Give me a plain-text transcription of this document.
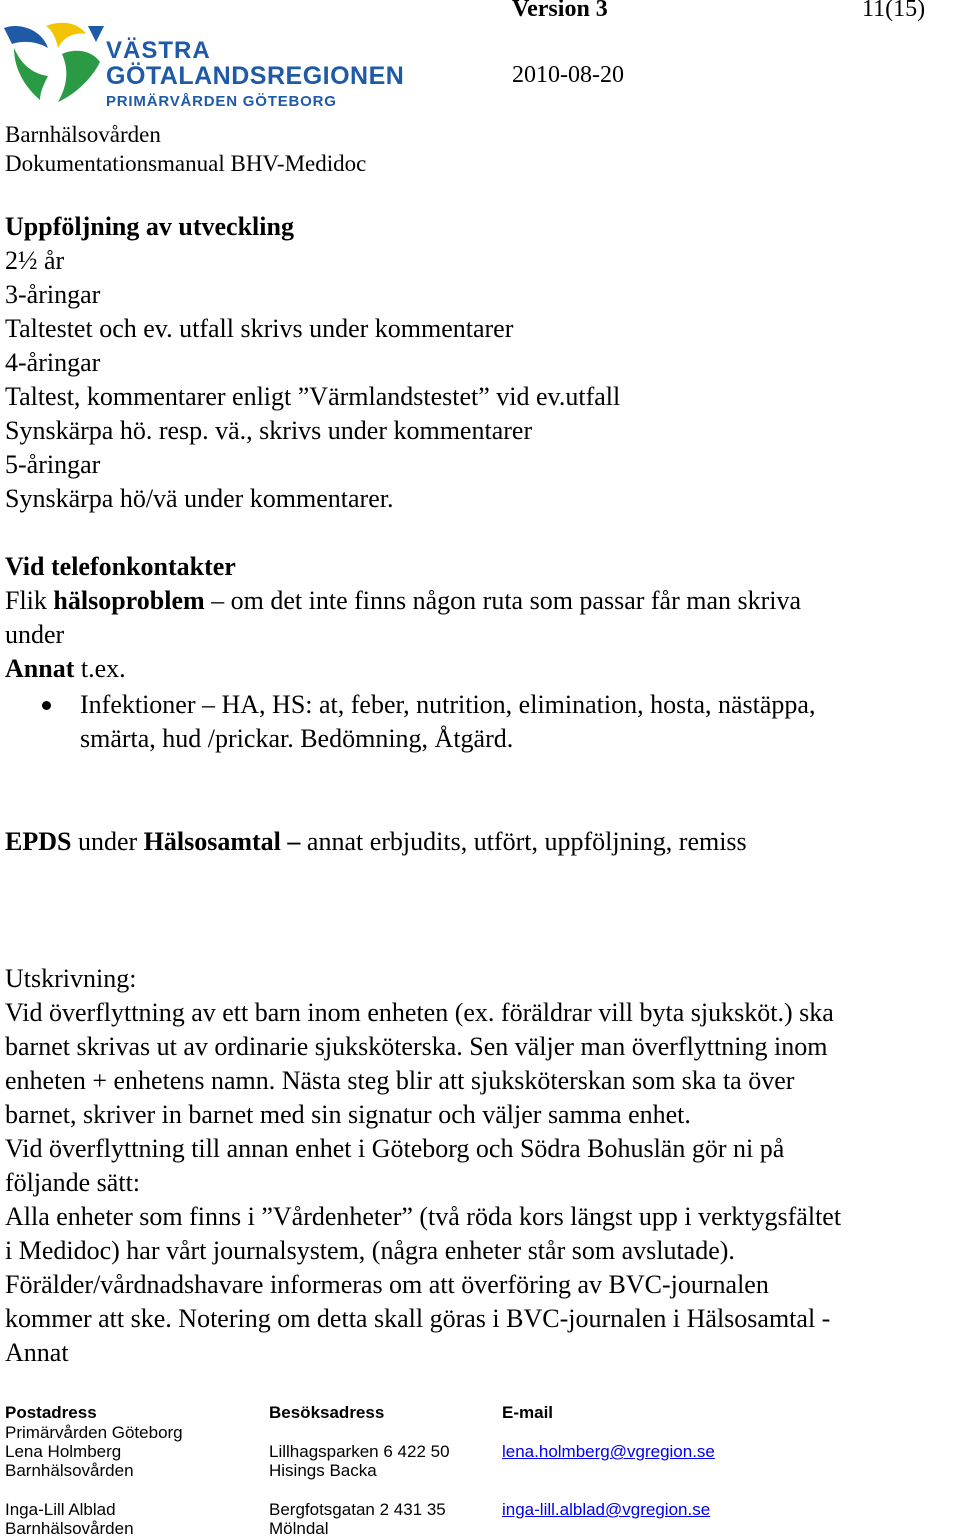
VÄSTRA
GÖTALANDSREGIONEN
PRIMÄRVÅRDEN GÖTEBORG
Version 3	11(15)
2010-08-20
Barnhälsovården
Dokumentationsmanual BHV-Medidoc
Uppföljning av utveckling
2½ år
3-åringar
Taltestet och ev. utfall skrivs under kommentarer
4-åringar
Taltest, kommentarer enligt ”Värmlandstestet” vid ev.utfall
Synskärpa hö. resp. vä., skrivs under kommentarer
5-åringar
Synskärpa hö/vä under kommentarer.
Vid telefonkontakter
Flik hälsoproblem – om det inte finns någon ruta som passar får man skriva
under
Annat t.ex.
Infektioner – HA, HS: at, feber, nutrition, elimination, hosta, nästäppa,
smärta, hud /prickar. Bedömning, Åtgärd.
EPDS under Hälsosamtal – annat erbjudits, utfört, uppföljning, remiss
Utskrivning:
Vid överflyttning av ett barn inom enheten (ex. föräldrar vill byta sjuksköt.) ska
barnet skrivas ut av ordinarie sjuksköterska. Sen väljer man överflyttning inom
enheten + enhetens namn. Nästa steg blir att sjuksköterskan som ska ta över
barnet, skriver in barnet med sin signatur och väljer samma enhet.
Vid överflyttning till annan enhet i Göteborg och Södra Bohuslän gör ni på
följande sätt:
Alla enheter som finns i ”Vårdenheter” (två röda kors längst upp i verktygsfältet
i Medidoc) har vårt journalsystem, (några enheter står som avslutade).
Förälder/vårdnadshavare informeras om att överföring av BVC-journalen
kommer att ske. Notering om detta skall göras i BVC-journalen i Hälsosamtal -
Annat
Postadress	Besöksadress	E-mail
Primärvården Göteborg
Lena Holmberg	Lillhagsparken 6 422 50	lena.holmberg@vgregion.se
Barnhälsovården	Hisings Backa
Inga-Lill Alblad	Bergfotsgatan 2 431 35	inga-lill.alblad@vgregion.se
Barnhälsovården	Mölndal
